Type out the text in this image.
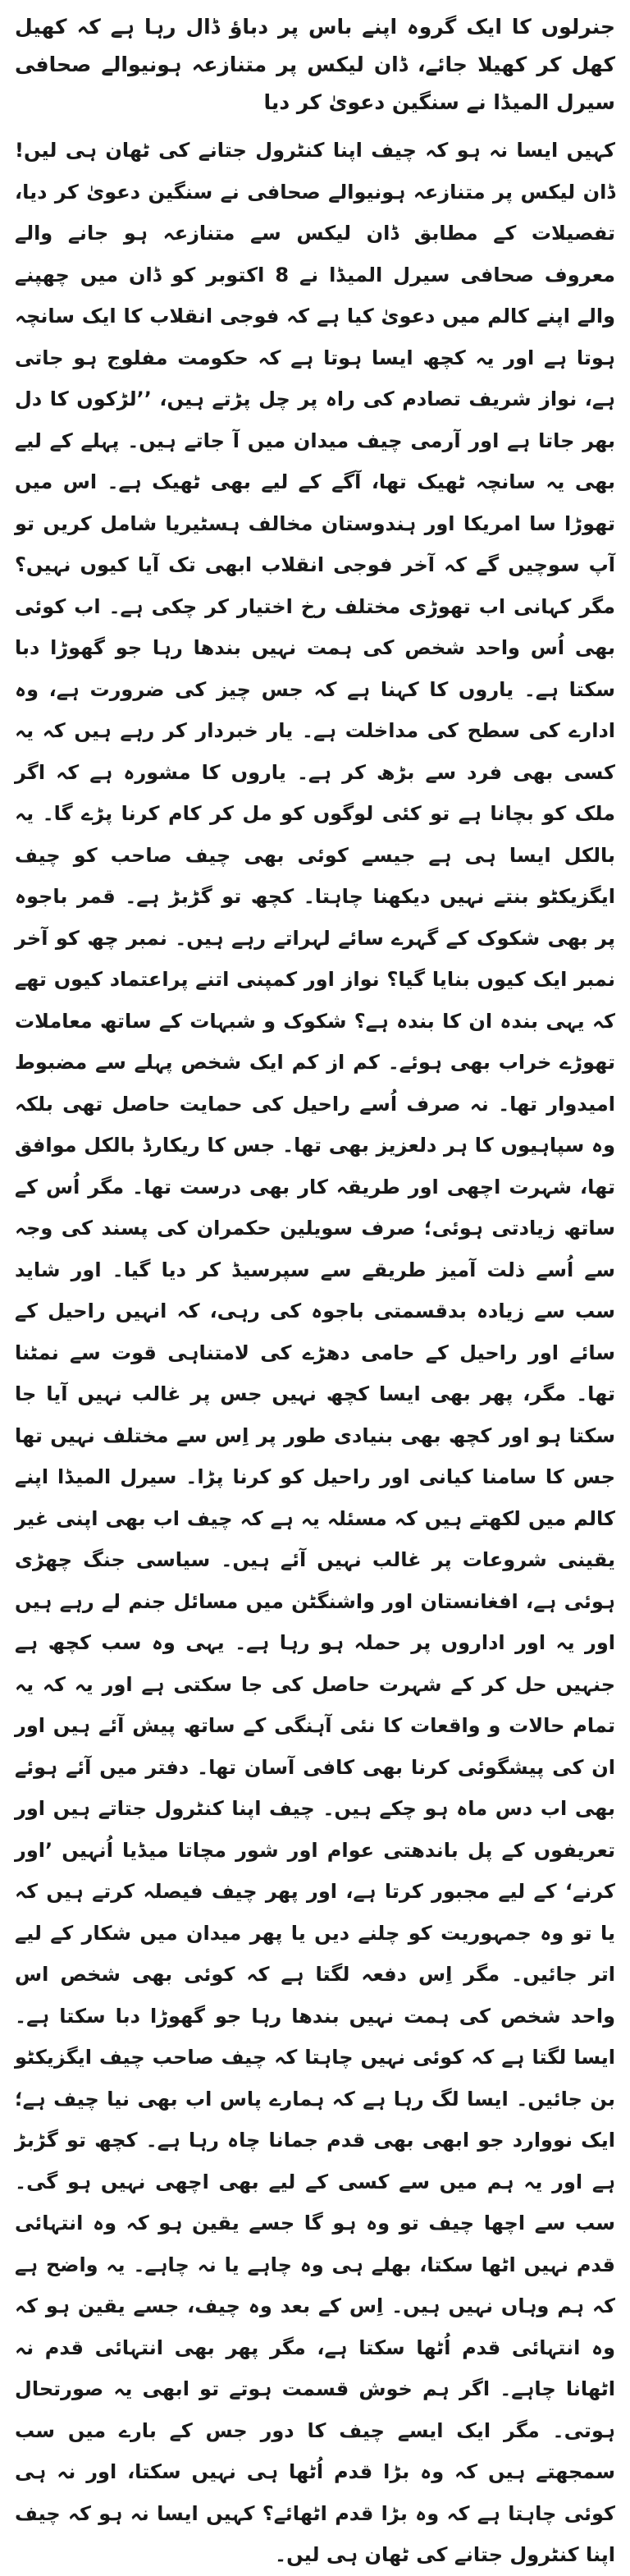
جنرلوں کا ایک گروہ اپنے باس پر دباؤ ڈال رہا ہے کہ کھیل کھل کر کھیلا جائے، ڈان لیکس پر متنازعہ ہونیوالے صحافی سیرل المیڈا نے سنگین دعویٰ کر دیا

کہیں ایسا نہ ہو کہ چیف اپنا کنٹرول جتانے کی ٹھان ہی لیں! ڈان لیکس پر متنازعہ ہونیوالے صحافی نے سنگین دعویٰ کر دیا، تفصیلات کے مطابق ڈان لیکس سے متنازعہ ہو جانے والے معروف صحافی سیرل المیڈا نے 8 اکتوبر کو ڈان میں چھپنے والے اپنے کالم میں دعویٰ کیا ہے کہ فوجی انقلاب کا ایک سانچہ ہوتا ہے اور یہ کچھ ایسا ہوتا ہے کہ حکومت مفلوج ہو جاتی ہے، نواز شریف تصادم کی راہ پر چل پڑتے ہیں، ’’لڑکوں کا دل بھر جاتا ہے اور آرمی چیف میدان میں آ جاتے ہیں۔ پہلے کے لیے بھی یہ سانچہ ٹھیک تھا، آگے کے لیے بھی ٹھیک ہے۔ اس میں تھوڑا سا امریکا اور ہندوستان مخالف ہسٹیریا شامل کریں تو آپ سوچیں گے کہ آخر فوجی انقلاب ابھی تک آیا کیوں نہیں؟ مگر کہانی اب تھوڑی مختلف رخ اختیار کر چکی ہے۔ اب کوئی بھی اُس واحد شخص کی ہمت نہیں بندھا رہا جو گھوڑا دبا سکتا ہے۔ یاروں کا کہنا ہے کہ جس چیز کی ضرورت ہے، وہ ادارے کی سطح کی مداخلت ہے۔ یار خبردار کر رہے ہیں کہ یہ کسی بھی فرد سے بڑھ کر ہے۔ یاروں کا مشورہ ہے کہ اگر ملک کو بچانا ہے تو کئی لوگوں کو مل کر کام کرنا پڑے گا۔ یہ بالکل ایسا ہی ہے جیسے کوئی بھی چیف صاحب کو چیف ایگزیکٹو بنتے نہیں دیکھنا چاہتا۔ کچھ تو گڑبڑ ہے۔ قمر باجوہ پر بھی شکوک کے گہرے سائے لہراتے رہے ہیں۔ نمبر چھ کو آخر نمبر ایک کیوں بنایا گیا؟ نواز اور کمپنی اتنے پراعتماد کیوں تھے کہ یہی بندہ ان کا بندہ ہے؟ شکوک و شبہات کے ساتھ معاملات تھوڑے خراب بھی ہوئے۔ کم از کم ایک شخص پہلے سے مضبوط امیدوار تھا۔ نہ صرف اُسے راحیل کی حمایت حاصل تھی بلکہ وہ سپاہیوں کا ہر دلعزیز بھی تھا۔ جس کا ریکارڈ بالکل موافق تھا، شہرت اچھی اور طریقہ کار بھی درست تھا۔ مگر اُس کے ساتھ زیادتی ہوئی؛ صرف سویلین حکمران کی پسند کی وجہ سے اُسے ذلت آمیز طریقے سے سپرسیڈ کر دیا گیا۔ اور شاید سب سے زیادہ بدقسمتی باجوہ کی رہی، کہ انہیں راحیل کے سائے اور راحیل کے حامی دھڑے کی لامتناہی قوت سے نمٹنا تھا۔ مگر، پھر بھی ایسا کچھ نہیں جس پر غالب نہیں آیا جا سکتا ہو اور کچھ بھی بنیادی طور پر اِس سے مختلف نہیں تھا جس کا سامنا کیانی اور راحیل کو کرنا پڑا۔ سیرل المیڈا اپنے کالم میں لکھتے ہیں کہ مسئلہ یہ ہے کہ چیف اب بھی اپنی غیر یقینی شروعات پر غالب نہیں آئے ہیں۔ سیاسی جنگ چھڑی ہوئی ہے، افغانستان اور واشنگٹن میں مسائل جنم لے رہے ہیں اور یہ اور اداروں پر حملہ ہو رہا ہے۔ یہی وہ سب کچھ ہے جنہیں حل کر کے شہرت حاصل کی جا سکتی ہے اور یہ کہ یہ تمام حالات و واقعات کا نئی آہنگی کے ساتھ پیش آئے ہیں اور ان کی پیشگوئی کرنا بھی کافی آسان تھا۔ دفتر میں آئے ہوئے بھی اب دس ماہ ہو چکے ہیں۔ چیف اپنا کنٹرول جتاتے ہیں اور تعریفوں کے پل باندھتی عوام اور شور مچاتا میڈیا اُنہیں ’اور کرنے‘ کے لیے مجبور کرتا ہے، اور پھر چیف فیصلہ کرتے ہیں کہ یا تو وہ جمہوریت کو چلنے دیں یا پھر میدان میں شکار کے لیے اتر جائیں۔ مگر اِس دفعہ لگتا ہے کہ کوئی بھی شخص اس واحد شخص کی ہمت نہیں بندھا رہا جو گھوڑا دبا سکتا ہے۔ ایسا لگتا ہے کہ کوئی نہیں چاہتا کہ چیف صاحب چیف ایگزیکٹو بن جائیں۔ ایسا لگ رہا ہے کہ ہمارے پاس اب بھی نیا چیف ہے؛ ایک نووارد جو ابھی بھی قدم جمانا چاہ رہا ہے۔ کچھ تو گڑبڑ ہے اور یہ ہم میں سے کسی کے لیے بھی اچھی نہیں ہو گی۔ سب سے اچھا چیف تو وہ ہو گا جسے یقین ہو کہ وہ انتہائی قدم نہیں اٹھا سکتا، بھلے ہی وہ چاہے یا نہ چاہے۔ یہ واضح ہے کہ ہم وہاں نہیں ہیں۔ اِس کے بعد وہ چیف، جسے یقین ہو کہ وہ انتہائی قدم اُٹھا سکتا ہے، مگر پھر بھی انتہائی قدم نہ اٹھانا چاہے۔ اگر ہم خوش قسمت ہوتے تو ابھی یہ صورتحال ہوتی۔ مگر ایک ایسے چیف کا دور جس کے بارے میں سب سمجھتے ہیں کہ وہ بڑا قدم اُٹھا ہی نہیں سکتا، اور نہ ہی کوئی چاہتا ہے کہ وہ بڑا قدم اٹھائے؟ کہیں ایسا نہ ہو کہ چیف اپنا کنٹرول جتانے کی ٹھان ہی لیں۔
